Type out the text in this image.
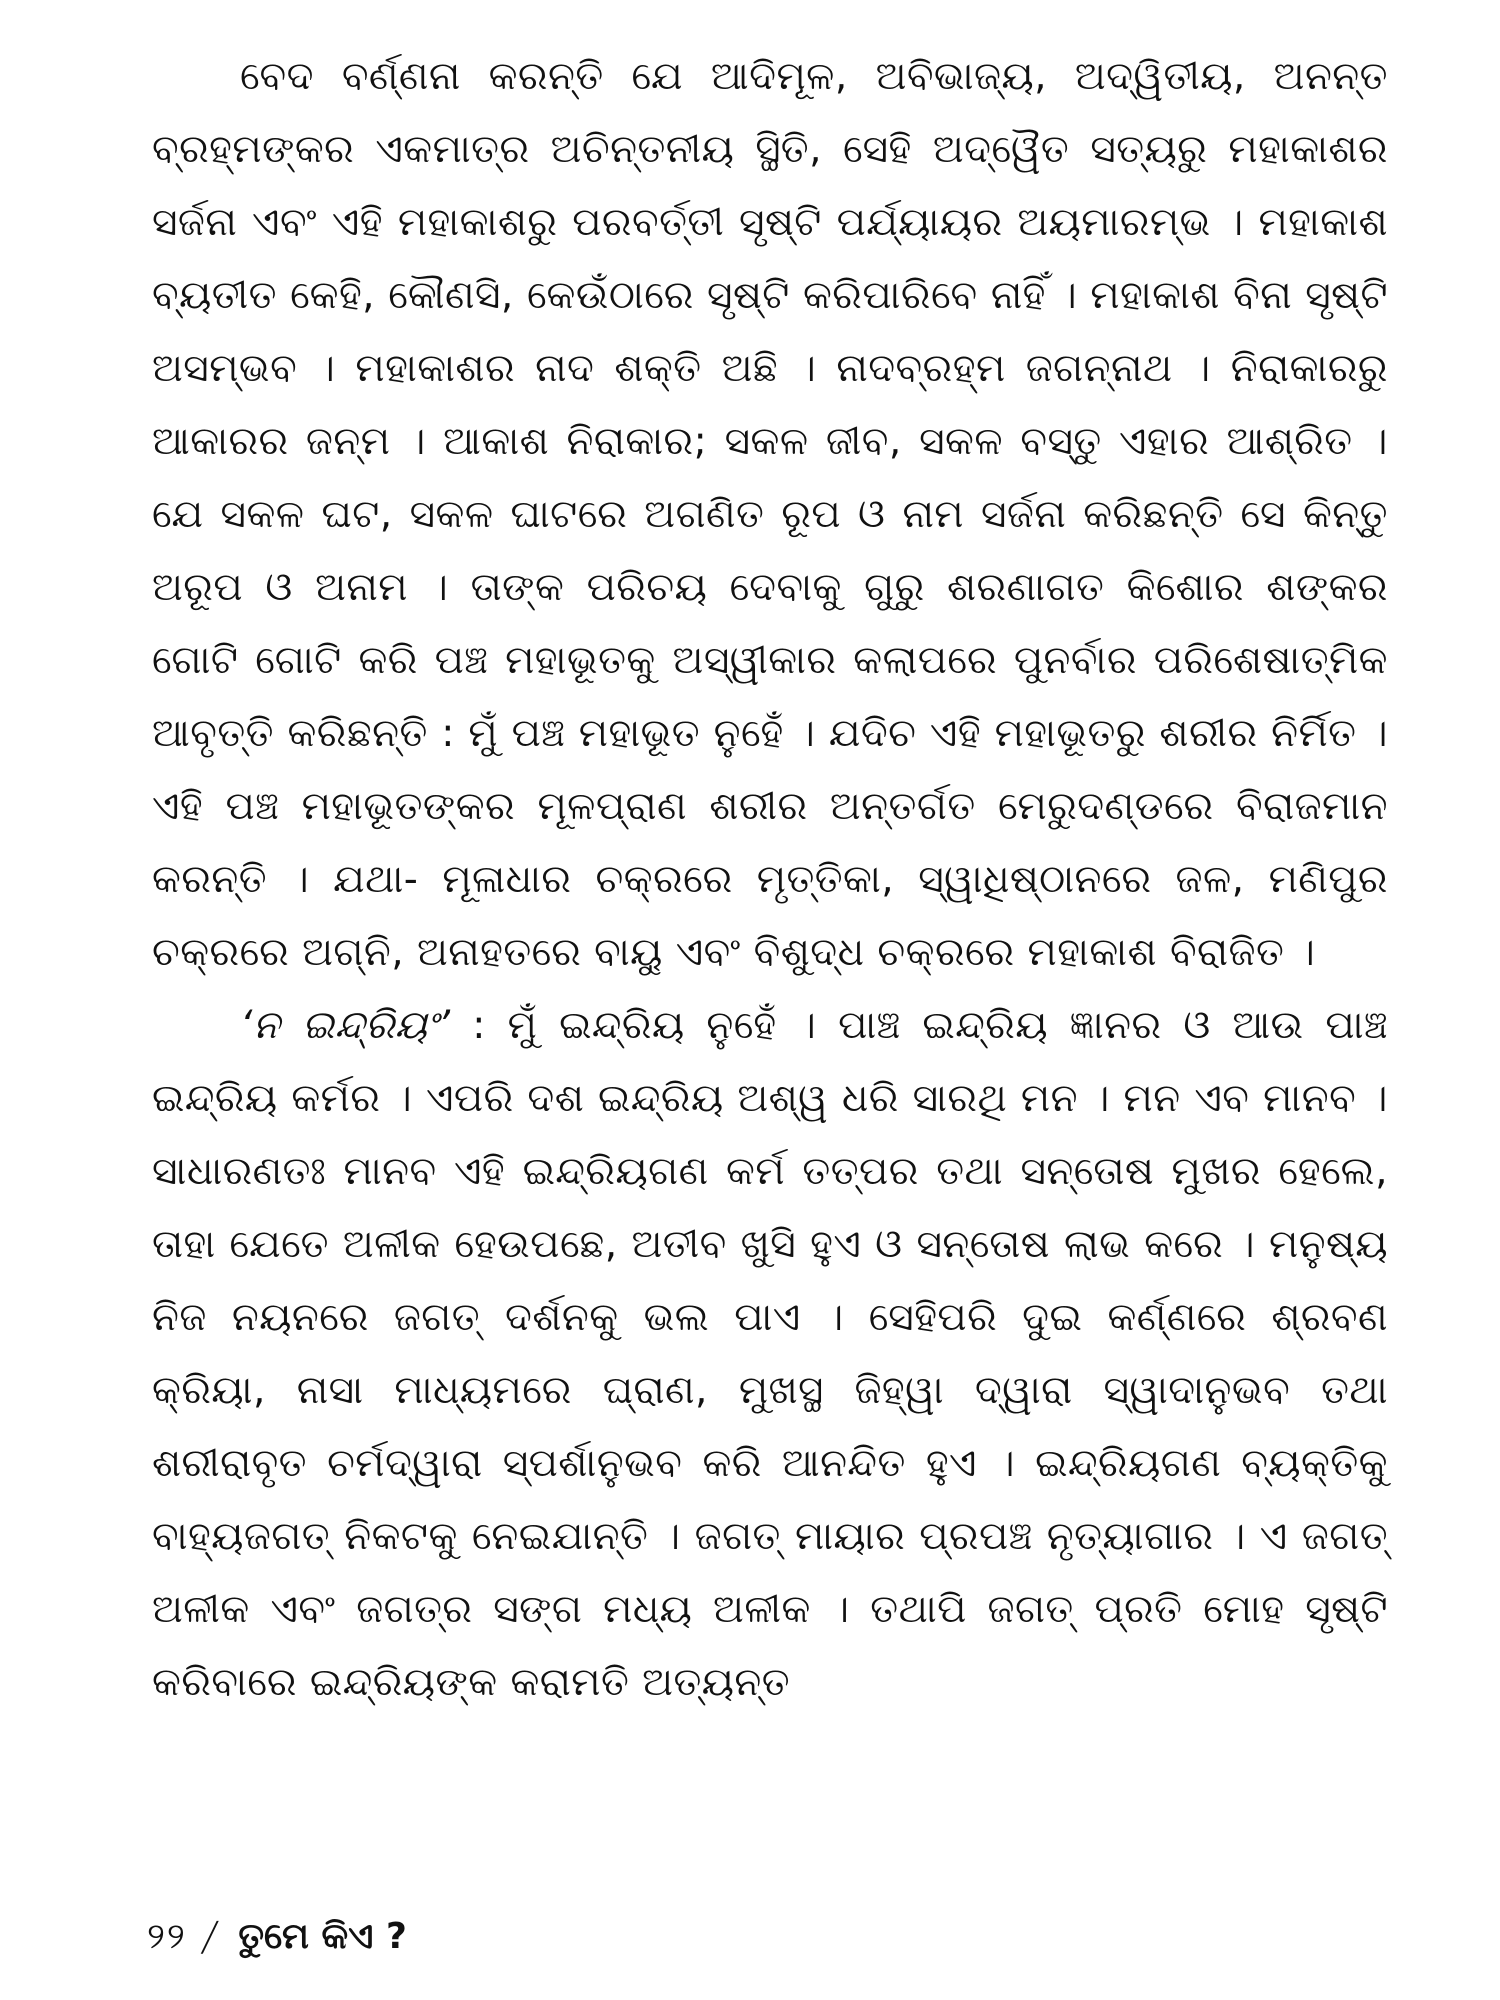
ବେଦ ବର୍ଣ୍ଣନା କରନ୍ତି ଯେ ଆଦିମୂଳ, ଅବିଭାଜ୍ୟ, ଅଦ୍ୱିତୀୟ, ଅନନ୍ତ ବ୍ରହ୍ମଙ୍କର ଏକମାତ୍ର ଅଚିନ୍ତନୀୟ ସ୍ଥିତି, ସେହି ଅଦ୍ୱୈତ ସତ୍ୟରୁ ମହାକାଶର ସର୍ଜନା ଏବଂ ଏହି ମହାକାଶରୁ ପରବର୍ତ୍ତୀ ସୃଷ୍ଟି ପର୍ଯ୍ୟାୟର ଅୟମାରମ୍ଭ । ମହାକାଶ ବ୍ୟତୀତ କେହି, କୌଣସି, କେଉଁଠାରେ ସୃଷ୍ଟି କରିପାରିବେ ନାହିଁ । ମହାକାଶ ବିନା ସୃଷ୍ଟି ଅସମ୍ଭବ । ମହାକାଶର ନାଦ ଶକ୍ତି ଅଛି । ନାଦବ୍ରହ୍ମ ଜଗନ୍ନାଥ । ନିରାକାରରୁ ଆକାରର ଜନ୍ମ । ଆକାଶ ନିରାକାର; ସକଳ ଜୀବ, ସକଳ ବସ୍ତୁ ଏହାର ଆଶ୍ରିତ । ଯେ ସକଳ ଘଟ, ସକଳ ଘାଟରେ ଅଗଣିତ ରୂପ ଓ ନାମ ସର୍ଜନା କରିଛନ୍ତି ସେ କିନ୍ତୁ ଅରୂପ ଓ ଅନାମ । ତାଙ୍କ ପରିଚୟ ଦେବାକୁ ଗୁରୁ ଶରଣାଗତ କିଶୋର ଶଙ୍କର ଗୋଟି ଗୋଟି କରି ପଞ୍ଚ ମହାଭୂତକୁ ଅସ୍ୱୀକାର କଲାପରେ ପୁନର୍ବାର ପରିଶେଷାତ୍ମିକ ଆବୃତ୍ତି କରିଛନ୍ତି : ମୁଁ ପଞ୍ଚ ମହାଭୂତ ନୁହେଁ । ଯଦିଚ ଏହି ମହାଭୂତରୁ ଶରୀର ନିର୍ମିତ । ଏହି ପଞ୍ଚ ମହାଭୂତଙ୍କର ମୂଳପ୍ରାଣ ଶରୀର ଅନ୍ତର୍ଗତ ମେରୁଦଣ୍ଡରେ ବିରାଜମାନ କରନ୍ତି । ଯଥା- ମୂଳାଧାର ଚକ୍ରରେ ମୃତ୍ତିକା, ସ୍ୱାଧିଷ୍ଠାନରେ ଜଳ, ମଣିପୁର ଚକ୍ରରେ ଅଗ୍ନି, ଅନାହତରେ ବାୟୁ ଏବଂ ବିଶୁଦ୍ଧ ଚକ୍ରରେ ମହାକାଶ ବିରାଜିତ ।

‘ନ ଇନ୍ଦ୍ରିୟଂ’ : ମୁଁ ଇନ୍ଦ୍ରିୟ ନୁହେଁ । ପାଞ୍ଚ ଇନ୍ଦ୍ରିୟ ଜ୍ଞାନର ଓ ଆଉ ପାଞ୍ଚ ଇନ୍ଦ୍ରିୟ କର୍ମର । ଏପରି ଦଶ ଇନ୍ଦ୍ରିୟ ଅଶ୍ୱ ଧରି ସାରଥି ମନ । ମନ ଏବ ମାନବ । ସାଧାରଣତଃ ମାନବ ଏହି ଇନ୍ଦ୍ରିୟଗଣ କର୍ମ ତତ୍ପର ତଥା ସନ୍ତୋଷ ମୁଖର ହେଲେ, ତାହା ଯେତେ ଅଳୀକ ହେଉପଛେ, ଅତୀବ ଖୁସି ହୁଏ ଓ ସନ୍ତୋଷ ଲାଭ କରେ । ମନୁଷ୍ୟ ନିଜ ନୟନରେ ଜଗତ୍ ଦର୍ଶନକୁ ଭଲ ପାଏ । ସେହିପରି ଦୁଇ କର୍ଣ୍ଣରେ ଶ୍ରବଣ କ୍ରିୟା, ନାସା ମାଧ୍ୟମରେ ଘ୍ରାଣ, ମୁଖସ୍ଥ ଜିହ୍ୱା ଦ୍ୱାରା ସ୍ୱାଦାନୁଭବ ତଥା ଶରୀରାବୃତ ଚର୍ମଦ୍ୱାରା ସ୍ପର୍ଶାନୁଭବ କରି ଆନନ୍ଦିତ ହୁଏ । ଇନ୍ଦ୍ରିୟଗଣ ବ୍ୟକ୍ତିକୁ ବାହ୍ୟଜଗତ୍ ନିକଟକୁ ନେଇଯାନ୍ତି । ଜଗତ୍ ମାୟାର ପ୍ରପଞ୍ଚ ନୃତ୍ୟାଗାର । ଏ ଜଗତ୍ ଅଳୀକ ଏବଂ ଜଗତ୍‌ର ସଙ୍ଗ ମଧ୍ୟ ଅଳୀକ । ତଥାପି ଜଗତ୍ ପ୍ରତି ମୋହ ସୃଷ୍ଟି କରିବାରେ ଇନ୍ଦ୍ରିୟଙ୍କ କରାମତି ଅତ୍ୟନ୍ତ

୨୨ / ତୁମେ କିଏ ?
